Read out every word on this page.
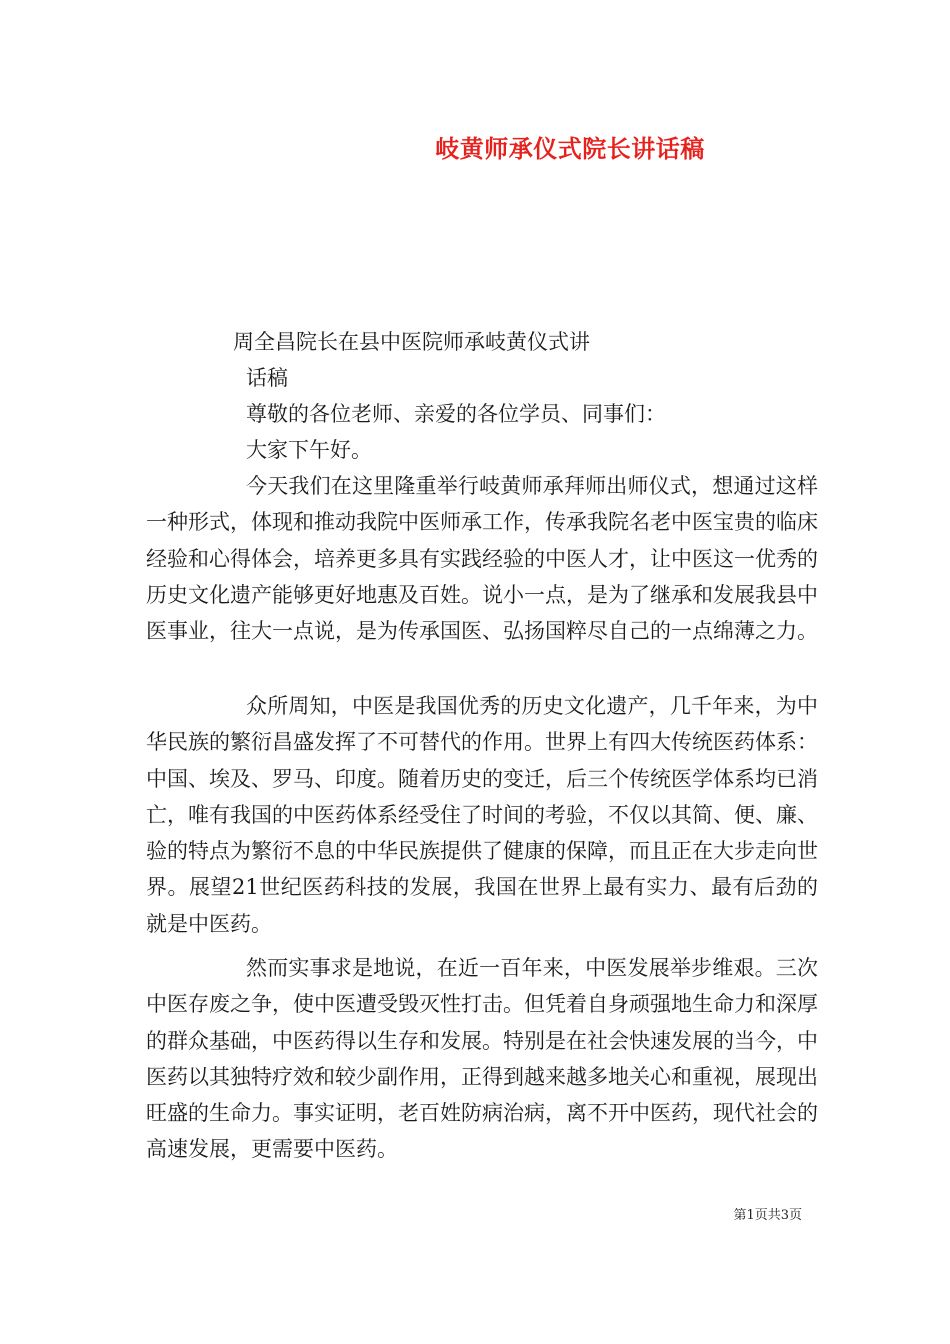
岐黄师承仪式院长讲话稿
周全昌院长在县中医院师承岐黄仪式讲
话稿
尊敬的各位老师、亲爱的各位学员、同事们：
大家下午好。
今天我们在这里隆重举行岐黄师承拜师出师仪式，想通过这样一种形式，体现和推动我院中医师承工作，传承我院名老中医宝贵的临床经验和心得体会，培养更多具有实践经验的中医人才，让中医这一优秀的历史文化遗产能够更好地惠及百姓。说小一点，是为了继承和发展我县中医事业，往大一点说，是为传承国医、弘扬国粹尽自己的一点绵薄之力。
众所周知，中医是我国优秀的历史文化遗产，几千年来，为中华民族的繁衍昌盛发挥了不可替代的作用。世界上有四大传统医药体系：中国、埃及、罗马、印度。随着历史的变迁，后三个传统医学体系均已消亡，唯有我国的中医药体系经受住了时间的考验，不仅以其简、便、廉、验的特点为繁衍不息的中华民族提供了健康的保障，而且正在大步走向世界。展望21世纪医药科技的发展，我国在世界上最有实力、最有后劲的就是中医药。
然而实事求是地说，在近一百年来，中医发展举步维艰。三次中医存废之争，使中医遭受毁灭性打击。但凭着自身顽强地生命力和深厚的群众基础，中医药得以生存和发展。特别是在社会快速发展的当今，中医药以其独特疗效和较少副作用，正得到越来越多地关心和重视，展现出旺盛的生命力。事实证明，老百姓防病治病，离不开中医药，现代社会的高速发展，更需要中医药。
第1页共3页
